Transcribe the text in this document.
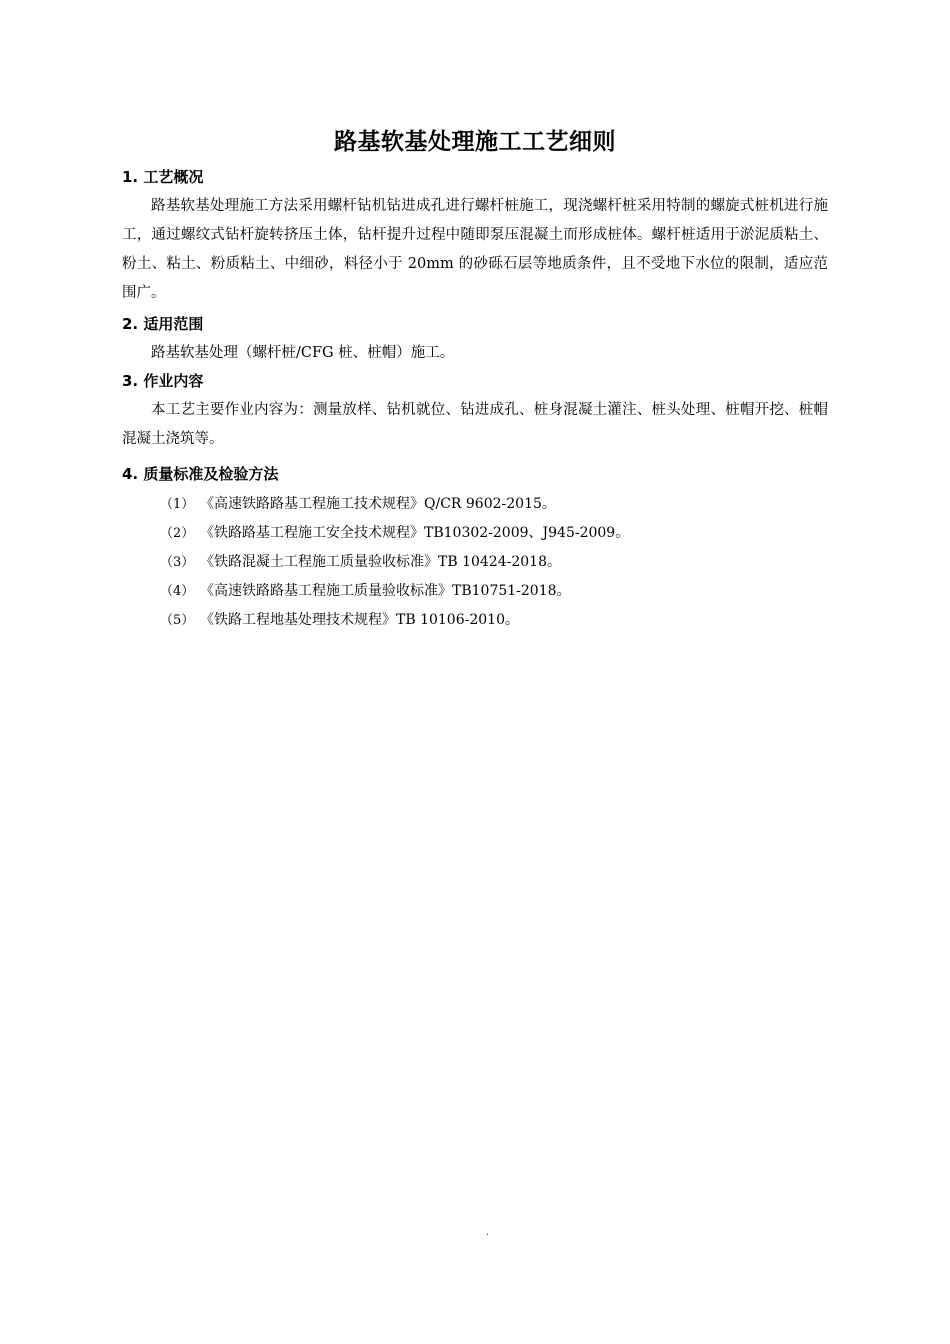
路基软基处理施工工艺细则
1. 工艺概况

路基软基处理施工方法采用螺杆钻机钻进成孔进行螺杆桩施工，现浇螺杆桩采用特制的螺旋式桩机进行施工，通过螺纹式钻杆旋转挤压土体，钻杆提升过程中随即泵压混凝土而形成桩体。螺杆桩适用于淤泥质粘土、粉土、粘土、粉质粘土、中细砂，料径小于 20mm 的砂砾石层等地质条件，且不受地下水位的限制，适应范围广。

2. 适用范围

路基软基处理（螺杆桩/CFG 桩、桩帽）施工。

3. 作业内容

本工艺主要作业内容为：测量放样、钻机就位、钻进成孔、桩身混凝土灌注、桩头处理、桩帽开挖、桩帽混凝土浇筑等。

4. 质量标准及检验方法
（1） 《高速铁路路基工程施工技术规程》Q/CR 9602-2015。
（2） 《铁路路基工程施工安全技术规程》TB10302-2009、J945-2009。
（3） 《铁路混凝土工程施工质量验收标准》TB 10424-2018。
（4） 《高速铁路路基工程施工质量验收标准》TB10751-2018。
（5） 《铁路工程地基处理技术规程》TB 10106-2010。
·
